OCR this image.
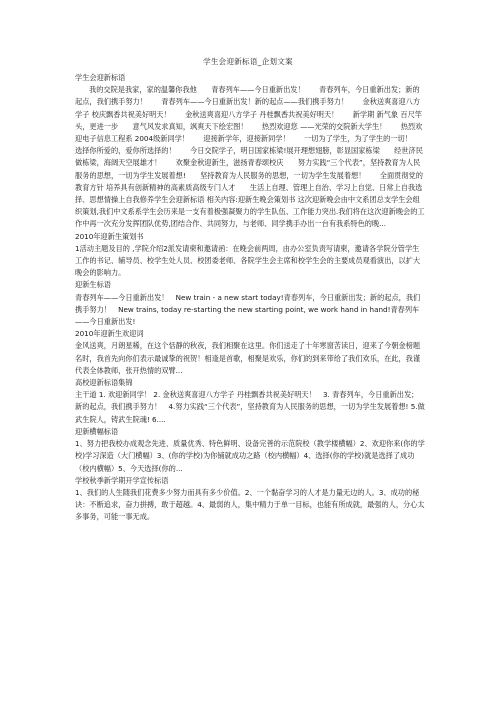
学生会迎新标语_企划文案

学生会迎新标语

我的交院是我家，家的温馨你我他　　青春列车——今日重新出发！　　青春列车，今日重新出发；新的起点，我们携手努力！　　青春列车——今日重新出发！新的起点——我们携手努力！　　金秋送爽喜迎八方学子 校庆飘香共祝美好明天！　　金秋送爽喜迎八方学子 丹桂飘香共祝美好明天！　　新学期 新气象 百尺竿头，更进一步　　意气风发求真知，飒爽天下绘宏图！　　热烈欢迎您 ——光荣的交院新大学生！　　热烈欢迎电子信息工程系 2004级新同学！　　迎接新学年，迎接新同学！　　一切为了学生，为了学生的一切！　　选择你所爱的，爱你所选择的！　　今日交院学子，明日国家栋梁!展开理想翅膀，彰显国家栋梁　　经世济民做栋梁，海阔天空展雄才！　　欢聚金秋迎新生，滋扬青春颂校庆　　努力实践“三个代表”，坚持教育为人民服务的思想，一切为学生发展着想!　　坚持教育为人民服务的思想，一切为学生发展着想！　　全面贯彻党的教育方针 培养具有创新精神的高素质高级专门人才　　生活上自理、管理上自治、学习上自觉、日常上自我选择、思想情操上自我修养学生会迎新标语 相关内容:迎新生晚会策划书 这次迎新晚会由中文系团总支学生会组织策划,我们中文系系学生会历来是一支有着极强凝聚力的学生队伍、工作能力突出.我们将在这次迎新晚会的工作中再一次充分发挥团队优势,团结合作、共同努力，与老师、同学携手办出一台有我系特色的晚...

2010年迎新生策划书

1活动主题及目的 ,学院介绍2派发请柬和邀请函：在晚会前两周，由办公室负责写请柬，邀请各学院分管学生工作的书记、辅导员、校学生处人员、校团委老师、各院学生会主席和校学生会的主要成员观看演出，以扩大晚会的影响力。

迎新生标语

青春列车——今日重新出发！　New train - a new start today!青春列车，今日重新出发；新的起点，我们携手努力！　New trains, today re-starting the new starting point, we work hand in hand!青春列车——今日重新出发!

2010年迎新生欢迎词

金风送爽，月朗星稀，在这个恬静的秋夜，我们相聚在这里。你们送走了十年寒窗苦读日，迎来了今朝金榜题名时，我首先向你们表示最诚挚的祝贺！相逢是首歌，相聚是欢乐，你们的到来带给了我们欢乐，在此，我谨代表全体教师，张开热情的双臂...

高校迎新标语集锦

主干道 1. 欢迎新同学！ 2. 金秋送爽喜迎八方学子 丹桂飘香共祝美好明天！　3. 青春列车，今日重新出发；新的起点，我们携手努力！　4.努力实践“三个代表”，坚持教育为人民服务的思想，一切为学生发展着想! 5.做武生院人，铸武生院魂! 6....

迎新横幅标语

1、努力把我校办成观念先进、质量优秀、特色鲜明、设备完善的示范院校（教学楼横幅）2、欢迎你来(你的学校)学习深造（大门横幅）3、(你的学校)为你铺就成功之路（校内横幅）4、选择(你的学校)就是选择了成功（校内横幅）5、今天选择(你的...

学校秋季新学期开学宣传标语

1、我们的人生随我们花费多少努力而具有多少价值。2、一个黏奋学习的人才是力量无边的人。3、成功的秘诀：不断追求，奋力拼搏，敢于超越。4、最弱的人，集中精力于单一目标，也能有所成就，最强的人，分心太多事务，可能一事无成。
